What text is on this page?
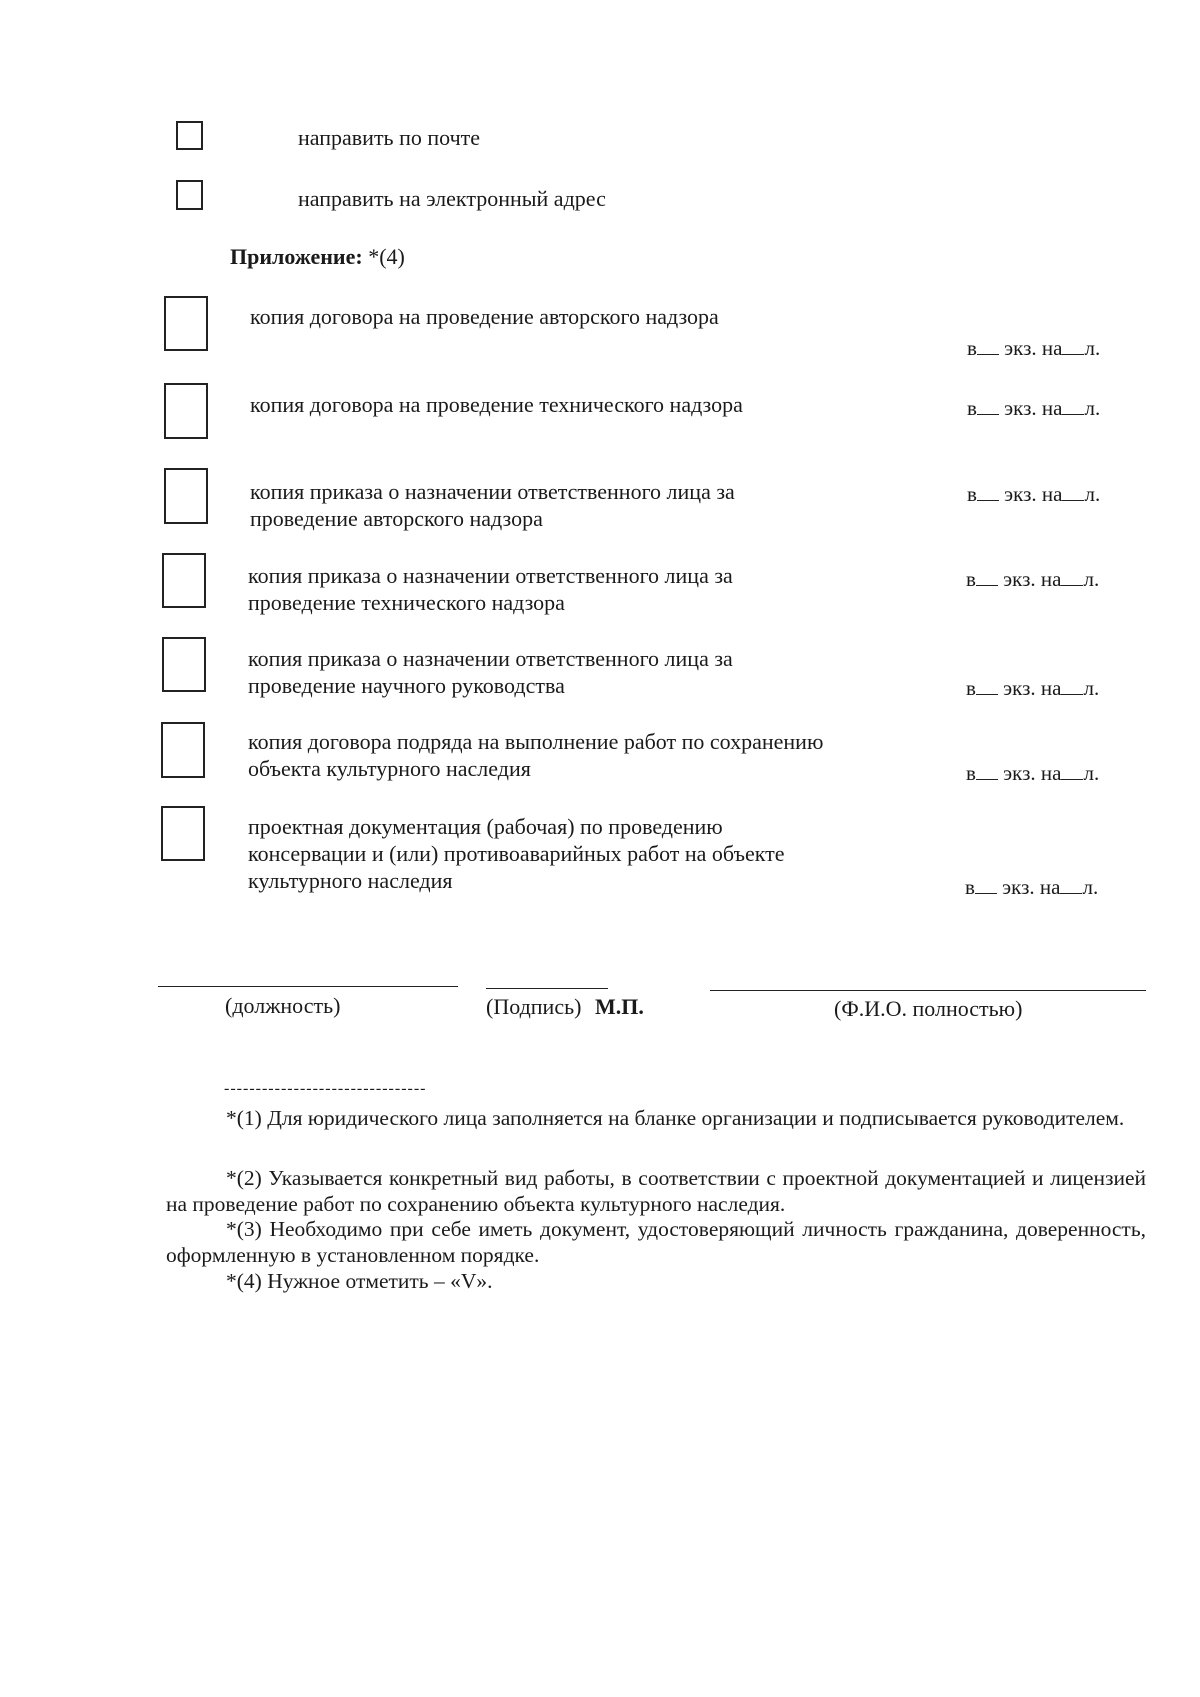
направить по почте
направить на электронный адрес
Приложение: *(4)
копия договора на проведение авторского надзора
в экз. на л.
копия договора на проведение технического надзора	в экз. на л.
копия приказа о назначении ответственного лица за
проведение авторского надзора
в экз. на л.
копия приказа о назначении ответственного лица за
проведение технического надзора
в экз. на л.
копия приказа о назначении ответственного лица за
проведение научного руководства	в экз. на л.
копия договора подряда на выполнение работ по сохранению
объекта культурного наследия	в экз. на л.
проектная документация (рабочая) по проведению
консервации и (или) противоаварийных работ на объекте
культурного наследия	в экз. на л.
(должность)	(Подпись) М.П.	(Ф.И.О. полностью)
--------------------------------
*(1) Для юридического лица заполняется на бланке организации и подписывается руководителем.
*(2) Указывается конкретный вид работы, в соответствии с проектной документацией и лицензией на проведение работ по сохранению объекта культурного наследия.
*(3) Необходимо при себе иметь документ, удостоверяющий личность гражданина, доверенность, оформленную в установленном порядке.
*(4) Нужное отметить – «V».
